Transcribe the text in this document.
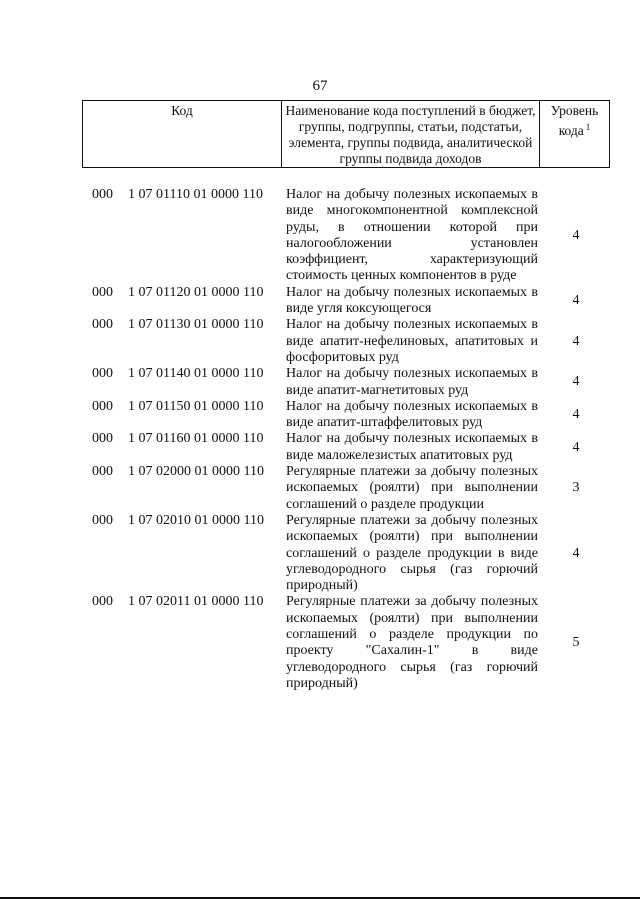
67
Код	Наименование кода поступлений в бюджет, группы, подгруппы, статьи, подстатьи, элемента, группы подвида, аналитической группы подвида доходов
Уровень кода $^1$
000 1 07 01110 01 0000 110 Налог на добычу полезных ископаемых в виде многокомпонентной комплексной руды, в отношении которой при налогообложении установлен коэффициент, характеризующий стоимость ценных компонентов в руде
4
000 1 07 01120 01 0000 110 Налог на добычу полезных ископаемых в виде угля коксующегося
4
000 1 07 01130 01 0000 110 Налог на добычу полезных ископаемых в виде апатит-нефелиновых, апатитовых и фосфоритовых руд
4
000 1 07 01140 01 0000 110 Налог на добычу полезных ископаемых в виде апатит-магнетитовых руд
4
000 1 07 01150 01 0000 110 Налог на добычу полезных ископаемых в виде апатит-штаффелитовых руд
4
000 1 07 01160 01 0000 110 Налог на добычу полезных ископаемых в виде маложелезистых апатитовых руд
4
000 1 07 02000 01 0000 110 Регулярные платежи за добычу полезных ископаемых (роялти) при выполнении соглашений о разделе продукции
3
000 1 07 02010 01 0000 110 Регулярные платежи за добычу полезных ископаемых (роялти) при выполнении соглашений о разделе продукции в виде углеводородного сырья (газ горючий природный)
4
000 1 07 02011 01 0000 110 Регулярные платежи за добычу полезных ископаемых (роялти) при выполнении соглашений о разделе продукции по проекту "Сахалин-1" в виде углеводородного сырья (газ горючий природный)
5
